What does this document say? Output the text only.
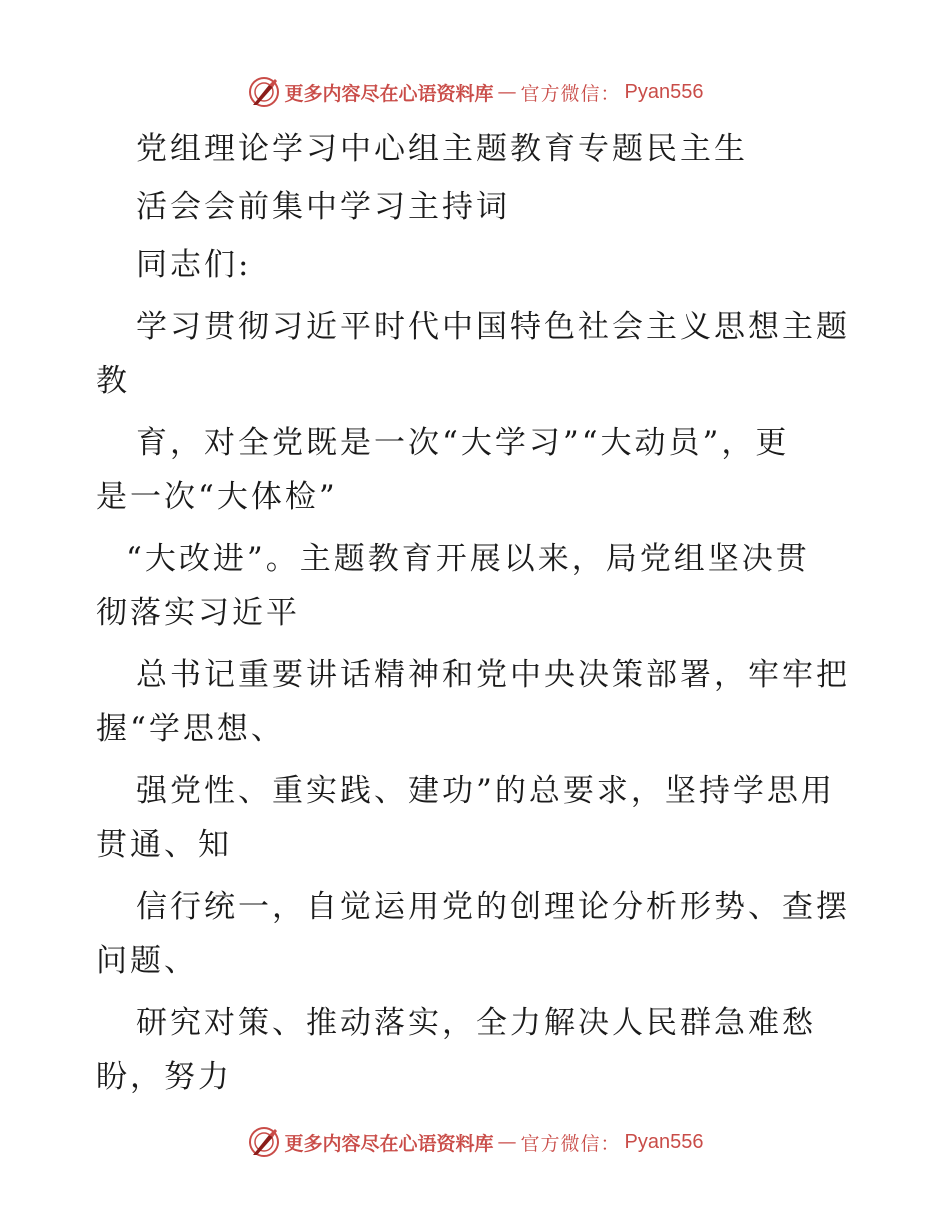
更多内容尽在心语资料库 — 官方微信： Pyan556
党组理论学习中心组主题教育专题民主生
活会会前集中学习主持词
同志们:
学习贯彻习近平时代中国特色社会主义思想主题
教
育，对全党既是一次“大学习”“大动员”，更
是一次“大体检”
“大改进”。主题教育开展以来，局党组坚决贯
彻落实习近平
总书记重要讲话精神和党中央决策部署，牢牢把
握“学思想、
强党性、重实践、建功”的总要求，坚持学思用
贯通、知
信行统一，自觉运用党的创理论分析形势、查摆
问题、
研究对策、推动落实，全力解决人民群急难愁
盼，努力
更多内容尽在心语资料库 — 官方微信： Pyan556
